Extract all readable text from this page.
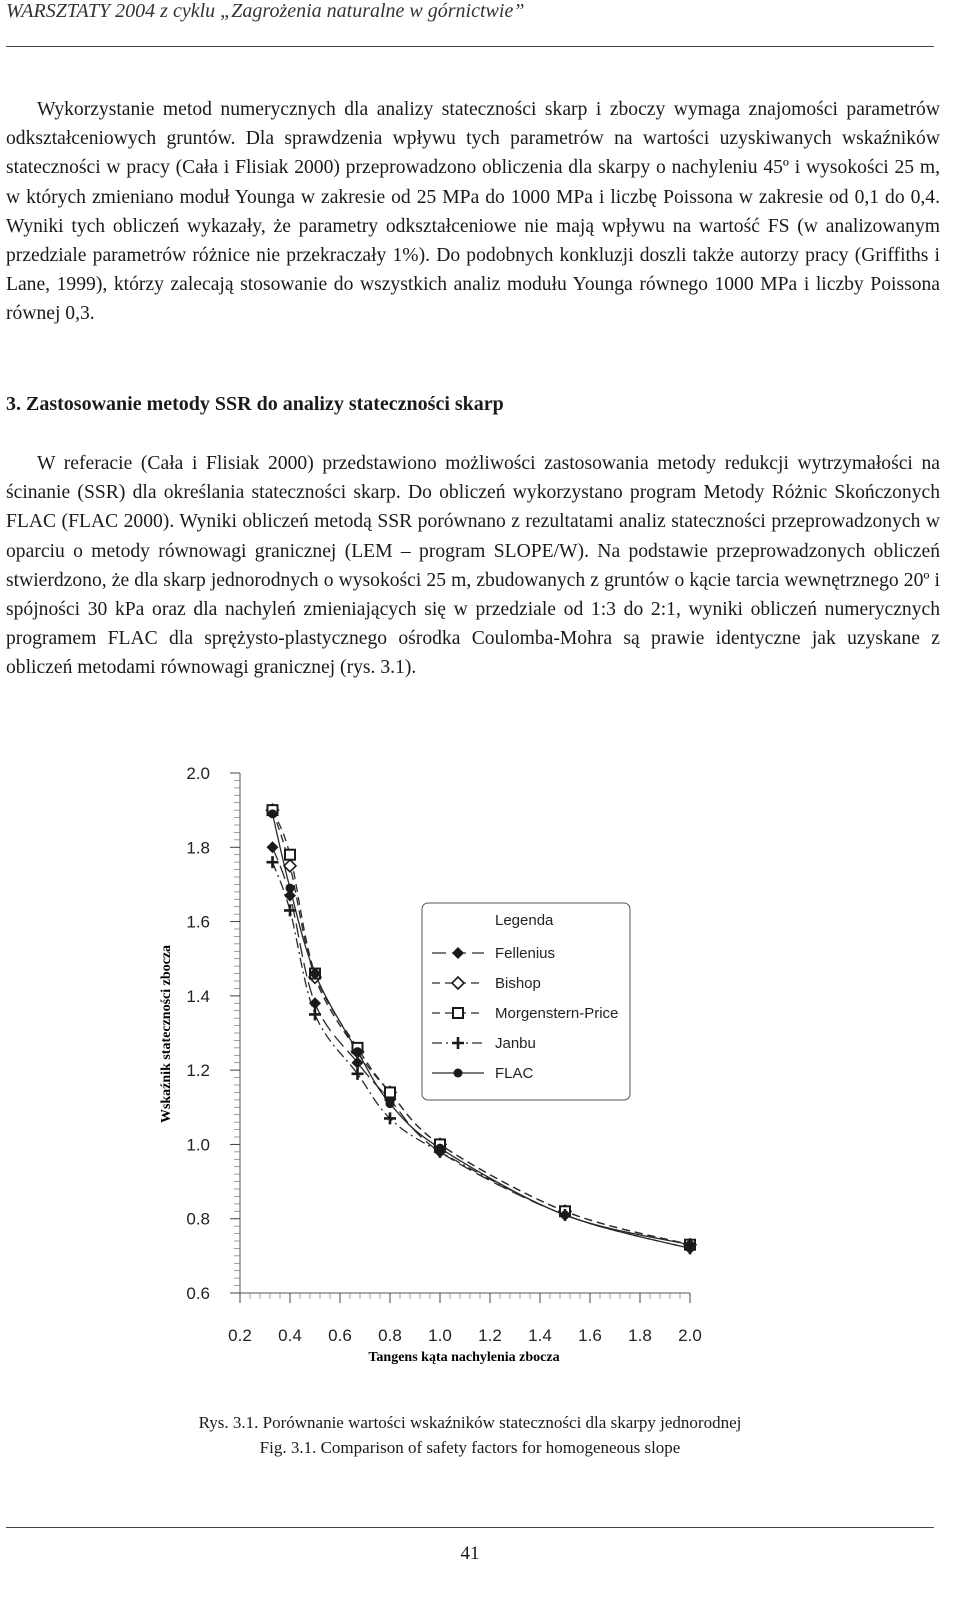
WARSZTATY 2004 z cyklu „Zagrożenia naturalne w górnictwie”
Wykorzystanie metod numerycznych dla analizy stateczności skarp i zboczy wymaga znajomości parametrów odkształceniowych gruntów. Dla sprawdzenia wpływu tych parametrów na wartości uzyskiwanych wskaźników stateczności w pracy (Cała i Flisiak 2000) przeprowadzono obliczenia dla skarpy o nachyleniu 45º i wysokości 25 m, w których zmieniano moduł Younga w zakresie od 25 MPa do 1000 MPa i liczbę Poissona w zakresie od 0,1 do 0,4. Wyniki tych obliczeń wykazały, że parametry odkształceniowe nie mają wpływu na wartość FS (w analizowanym przedziale parametrów różnice nie przekraczały 1%). Do podobnych konkluzji doszli także autorzy pracy (Griffiths i Lane, 1999), którzy zalecają stosowanie do wszystkich analiz modułu Younga równego 1000 MPa i liczby Poissona równej 0,3.
3. Zastosowanie metody SSR do analizy stateczności skarp
W referacie (Cała i Flisiak 2000) przedstawiono możliwości zastosowania metody redukcji wytrzymałości na ścinanie (SSR) dla określania stateczności skarp. Do obliczeń wykorzystano program Metody Różnic Skończonych FLAC (FLAC 2000). Wyniki obliczeń metodą SSR porównano z rezultatami analiz stateczności przeprowadzonych w oparciu o metody równowagi granicznej (LEM – program SLOPE/W). Na podstawie przeprowadzonych obliczeń stwierdzono, że dla skarp jednorodnych o wysokości 25 m, zbudowanych z gruntów o kącie tarcia wewnętrznego 20º i spójności 30 kPa oraz dla nachyleń zmieniających się w przedziale od 1:3 do 2:1, wyniki obliczeń numerycznych programem FLAC dla sprężysto-plastycznego ośrodka Coulomba-Mohra są prawie identyczne jak uzyskane z obliczeń metodami równowagi granicznej (rys. 3.1).
0.6
0.8
1.0
1.2
1.4
1.6
1.8
2.0
0.2 0.4 0.6 0.8 1.0 1.2 1.4 1.6 1.8 2.0
Tangens kąta nachylenia zbocza
Wskaźnik stateczności zbocza
Legenda
Fellenius
Bishop
Morgenstern-Price
Janbu
FLAC
Rys. 3.1. Porównanie wartości wskaźników stateczności dla skarpy jednorodnej
Fig. 3.1. Comparison of safety factors for homogeneous slope
41
